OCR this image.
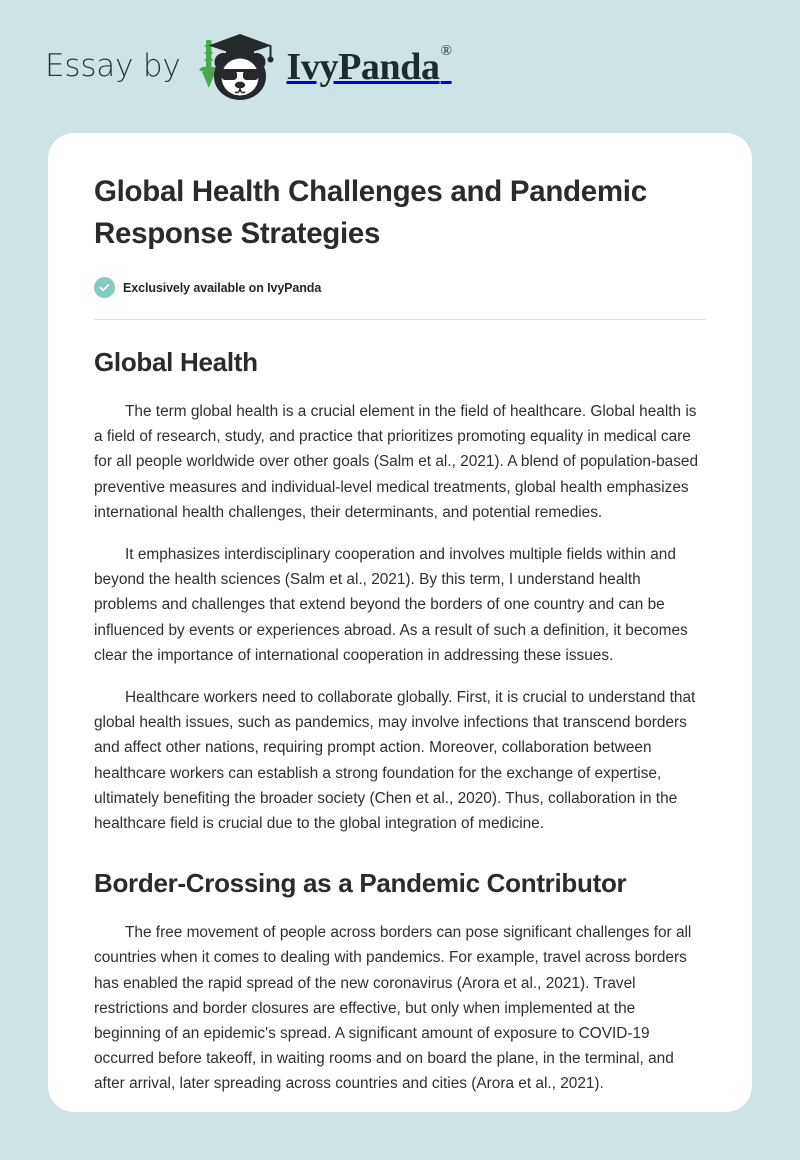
Essay by	IvyPanda®
Global Health Challenges and Pandemic Response Strategies
Exclusively available on IvyPanda
Global Health

The term global health is a crucial element in the field of healthcare. Global health is a field of research, study, and practice that prioritizes promoting equality in medical care for all people worldwide over other goals (Salm et al., 2021). A blend of population-based preventive measures and individual-level medical treatments, global health emphasizes international health challenges, their determinants, and potential remedies.

It emphasizes interdisciplinary cooperation and involves multiple fields within and beyond the health sciences (Salm et al., 2021). By this term, I understand health problems and challenges that extend beyond the borders of one country and can be influenced by events or experiences abroad. As a result of such a definition, it becomes clear the importance of international cooperation in addressing these issues.

Healthcare workers need to collaborate globally. First, it is crucial to understand that global health issues, such as pandemics, may involve infections that transcend borders and affect other nations, requiring prompt action. Moreover, collaboration between healthcare workers can establish a strong foundation for the exchange of expertise, ultimately benefiting the broader society (Chen et al., 2020). Thus, collaboration in the healthcare field is crucial due to the global integration of medicine.

Border-Crossing as a Pandemic Contributor

The free movement of people across borders can pose significant challenges for all countries when it comes to dealing with pandemics. For example, travel across borders has enabled the rapid spread of the new coronavirus (Arora et al., 2021). Travel restrictions and border closures are effective, but only when implemented at the beginning of an epidemic's spread. A significant amount of exposure to COVID-19 occurred before takeoff, in waiting rooms and on board the plane, in the terminal, and after arrival, later spreading across countries and cities (Arora et al., 2021).
